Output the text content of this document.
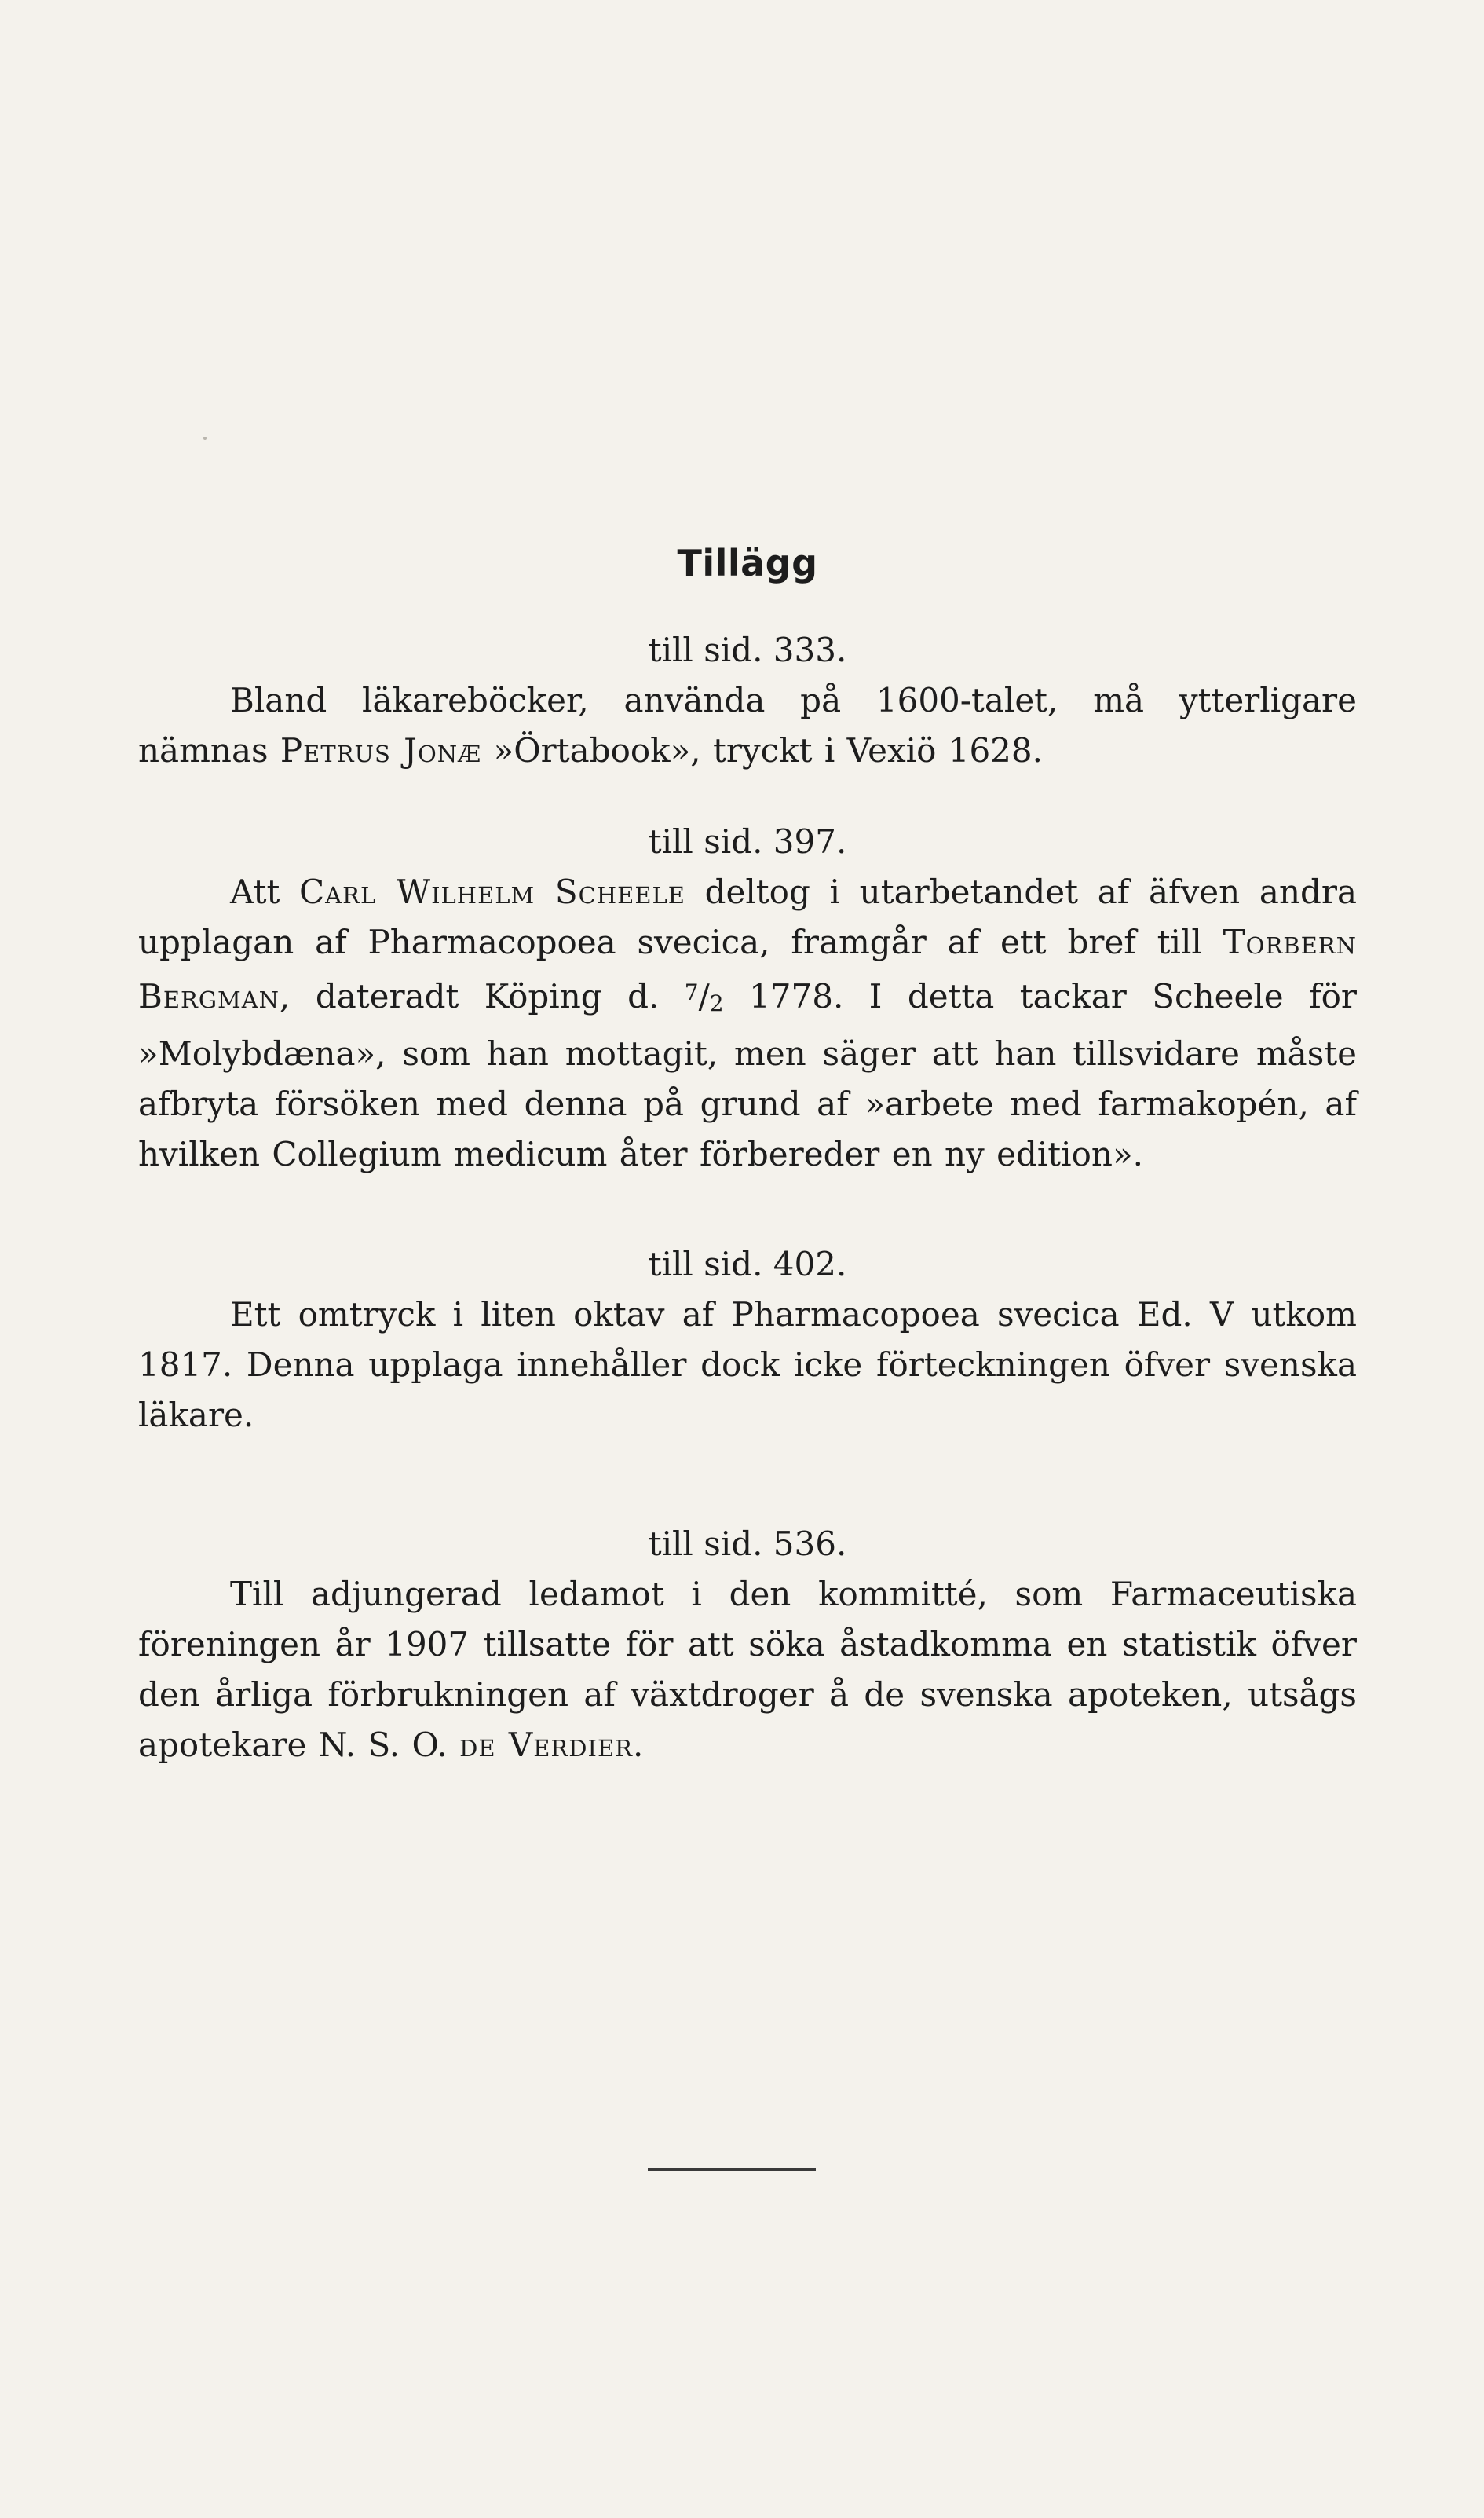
Tillägg

till sid. 333.

Bland läkareböcker, använda på 1600-talet, må ytterligare nämnas Petrus Jonæ »Örtabook», tryckt i Vexiö 1628.

till sid. 397.

Att Carl Wilhelm Scheele deltog i utarbetandet af äfven andra upplagan af Pharmacopoea svecica, framgår af ett bref till Torbern Bergman, dateradt Köping d. $^7$/2 1778. I detta tackar Scheele för »Molybdæna», som han mottagit, men säger att han tillsvidare måste afbryta försöken med denna på grund af »arbete med farmakopén, af hvilken Collegium medicum åter förbereder en ny edition».

till sid. 402.

Ett omtryck i liten oktav af Pharmacopoea svecica Ed. V utkom 1817. Denna upplaga innehåller dock icke förteckningen öfver svenska läkare.

till sid. 536.

Till adjungerad ledamot i den kommitté, som Farmaceutiska föreningen år 1907 tillsatte för att söka åstadkomma en statistik öfver den årliga förbrukningen af växtdroger å de svenska apoteken, utsågs apotekare N. S. O. de Verdier.
